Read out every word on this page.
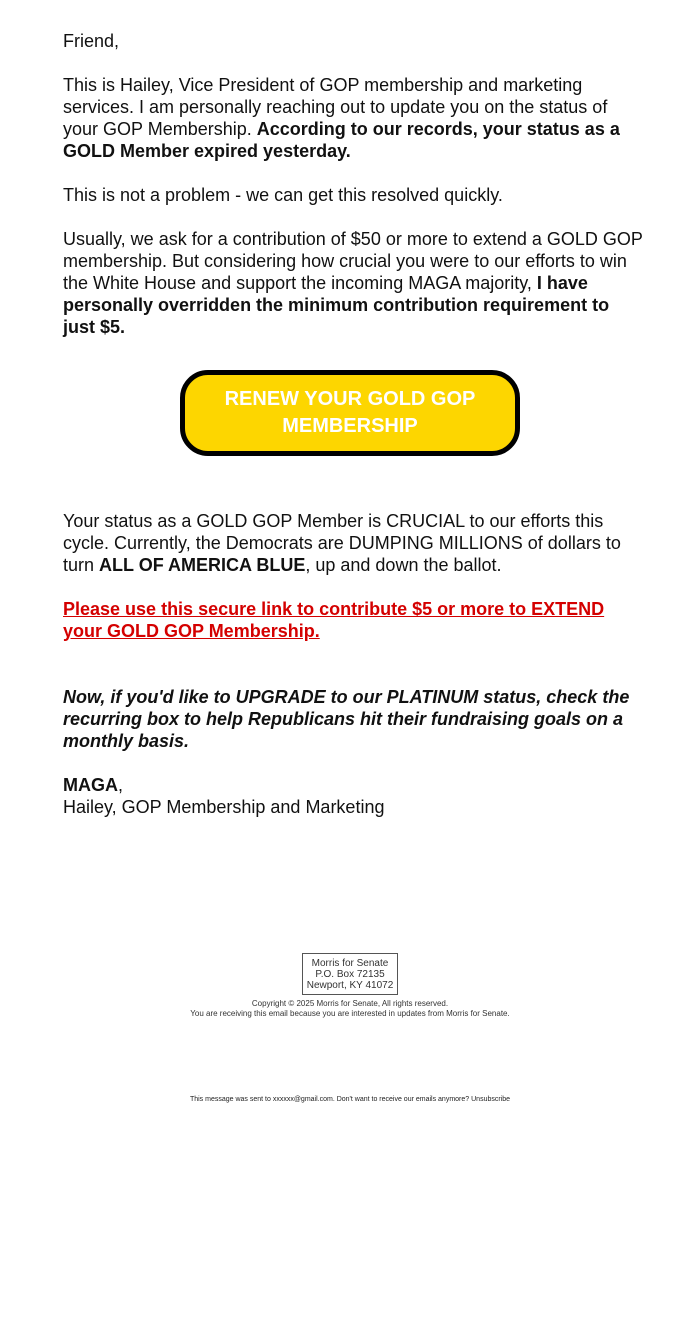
Friend,

This is Hailey, Vice President of GOP membership and marketing services. I am personally reaching out to update you on the status of your GOP Membership. According to our records, your status as a GOLD Member expired yesterday.

This is not a problem - we can get this resolved quickly.

Usually, we ask for a contribution of $50 or more to extend a GOLD GOP membership. But considering how crucial you were to our efforts to win the White House and support the incoming MAGA majority, I have personally overridden the minimum contribution requirement to just $5.

RENEW YOUR GOLD GOP MEMBERSHIP

Your status as a GOLD GOP Member is CRUCIAL to our efforts this cycle. Currently, the Democrats are DUMPING MILLIONS of dollars to turn ALL OF AMERICA BLUE, up and down the ballot.

Please use this secure link to contribute $5 or more to EXTEND your GOLD GOP Membership.

Now, if you'd like to UPGRADE to our PLATINUM status, check the recurring box to help Republicans hit their fundraising goals on a monthly basis.

MAGA,

Hailey, GOP Membership and Marketing

Morris for Senate
P.O. Box 72135
Newport, KY 41072
Copyright © 2025 Morris for Senate, All rights reserved.
You are receiving this email because you are interested in updates from Morris for Senate.
This message was sent to xxxxxx@gmail.com. Don't want to receive our emails anymore? Unsubscribe
